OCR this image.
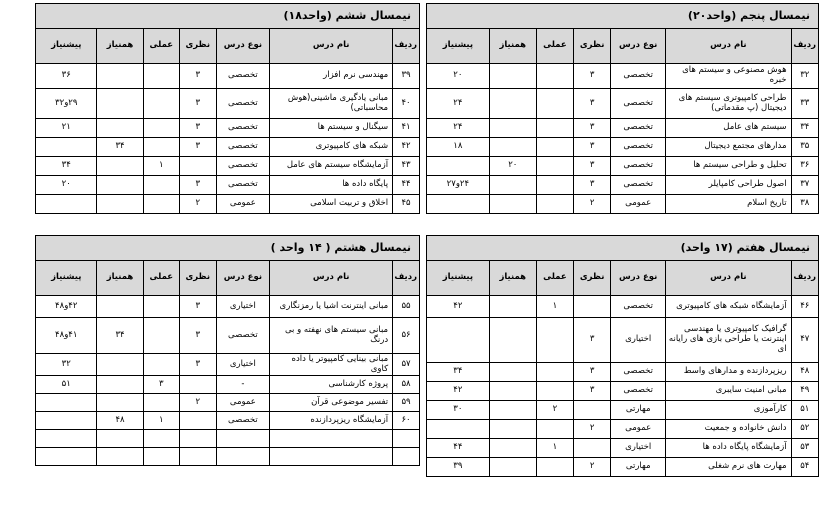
نیمسال پنجم (واحد۲۰)						

ردیف	نام درس	نوع درس	نظری	عملی	همنیاز	پیشنیاز
۳۲	هوش مصنوعی و سیستم های خبره	تخصصی	۳			۲۰
۳۳	طراحی کامپیوتری سیستم های دیجیتال (پ مقدماتی)	تخصصی	۳			۲۴
۳۴	سیستم های عامل	تخصصی	۳			۲۴
۳۵	مدارهای مجتمع دیجیتال	تخصصی	۳			۱۸
۳۶	تحلیل و طراحی سیستم ها	تخصصی	۳		۲۰	
۳۷	اصول طراحی کامپایلر	تخصصی	۳			۲۴و۲۷
۳۸	تاریخ اسلام	عمومی	۲			
نیمسال ششم (واحد۱۸)						

ردیف	نام درس	نوع درس	نظری	عملی	همنیاز	پیشنیاز
۳۹	مهندسی نرم افزار	تخصصی	۳			۳۶
۴۰	مبانی یادگیری ماشینی(هوش محاسباتی)	تخصصی	۳			۲۹و۳۲
۴۱	سیگنال و سیستم ها	تخصصی	۳			۲۱
۴۲	شبکه های کامپیوتری	تخصصی	۳		۳۴	
۴۳	آزمایشگاه سیستم های عامل	تخصصی		۱		۳۴
۴۴	پایگاه داده ها	تخصصی	۳			۲۰
۴۵	اخلاق و تربیت اسلامی	عمومی	۲			
نیمسال هفتم (۱۷ واحد)						

ردیف	نام درس	نوع درس	نظری	عملی	همنیاز	پیشنیاز
۴۶	آزمایشگاه شبکه های کامپیوتری	تخصصی		۱		۴۲
۴۷	گرافیک کامپیوتری یا مهندسی اینترنت یا طراحی بازی های رایانه ای	اختیاری	۳			
۴۸	ریزپردازنده و مدارهای واسط	تخصصی	۳			۳۴
۴۹	مبانی امنیت سایبری	تخصصی	۳			۴۲
۵۱	کارآموزی	مهارتی		۲		۳۰
۵۲	دانش خانواده و جمعیت	عمومی	۲			
۵۳	آزمایشگاه پایگاه داده ها	اختیاری		۱		۴۴
۵۴	مهارت های نرم شغلی	مهارتی	۲			۳۹
نیمسال هشتم ( ۱۴ واحد )						

ردیف	نام درس	نوع درس	نظری	عملی	همنیاز	پیشنیاز
۵۵	مبانی اینترنت اشیا یا رمزنگاری	اختیاری	۳			۴۲و۴۸
۵۶	مبانی سیستم های نهفته و بی درنگ	تخصصی	۳		۳۴	۴۱و۴۸
۵۷	مبانی بینایی کامپیوتر یا داده کاوی	اختیاری	۳			۳۲
۵۸	پروژه کارشناسی	-		۳		۵۱
۵۹	تفسیر موضوعی قرآن	عمومی	۲			
۶۰	آزمایشگاه ریزپردازنده	تخصصی		۱	۴۸	
